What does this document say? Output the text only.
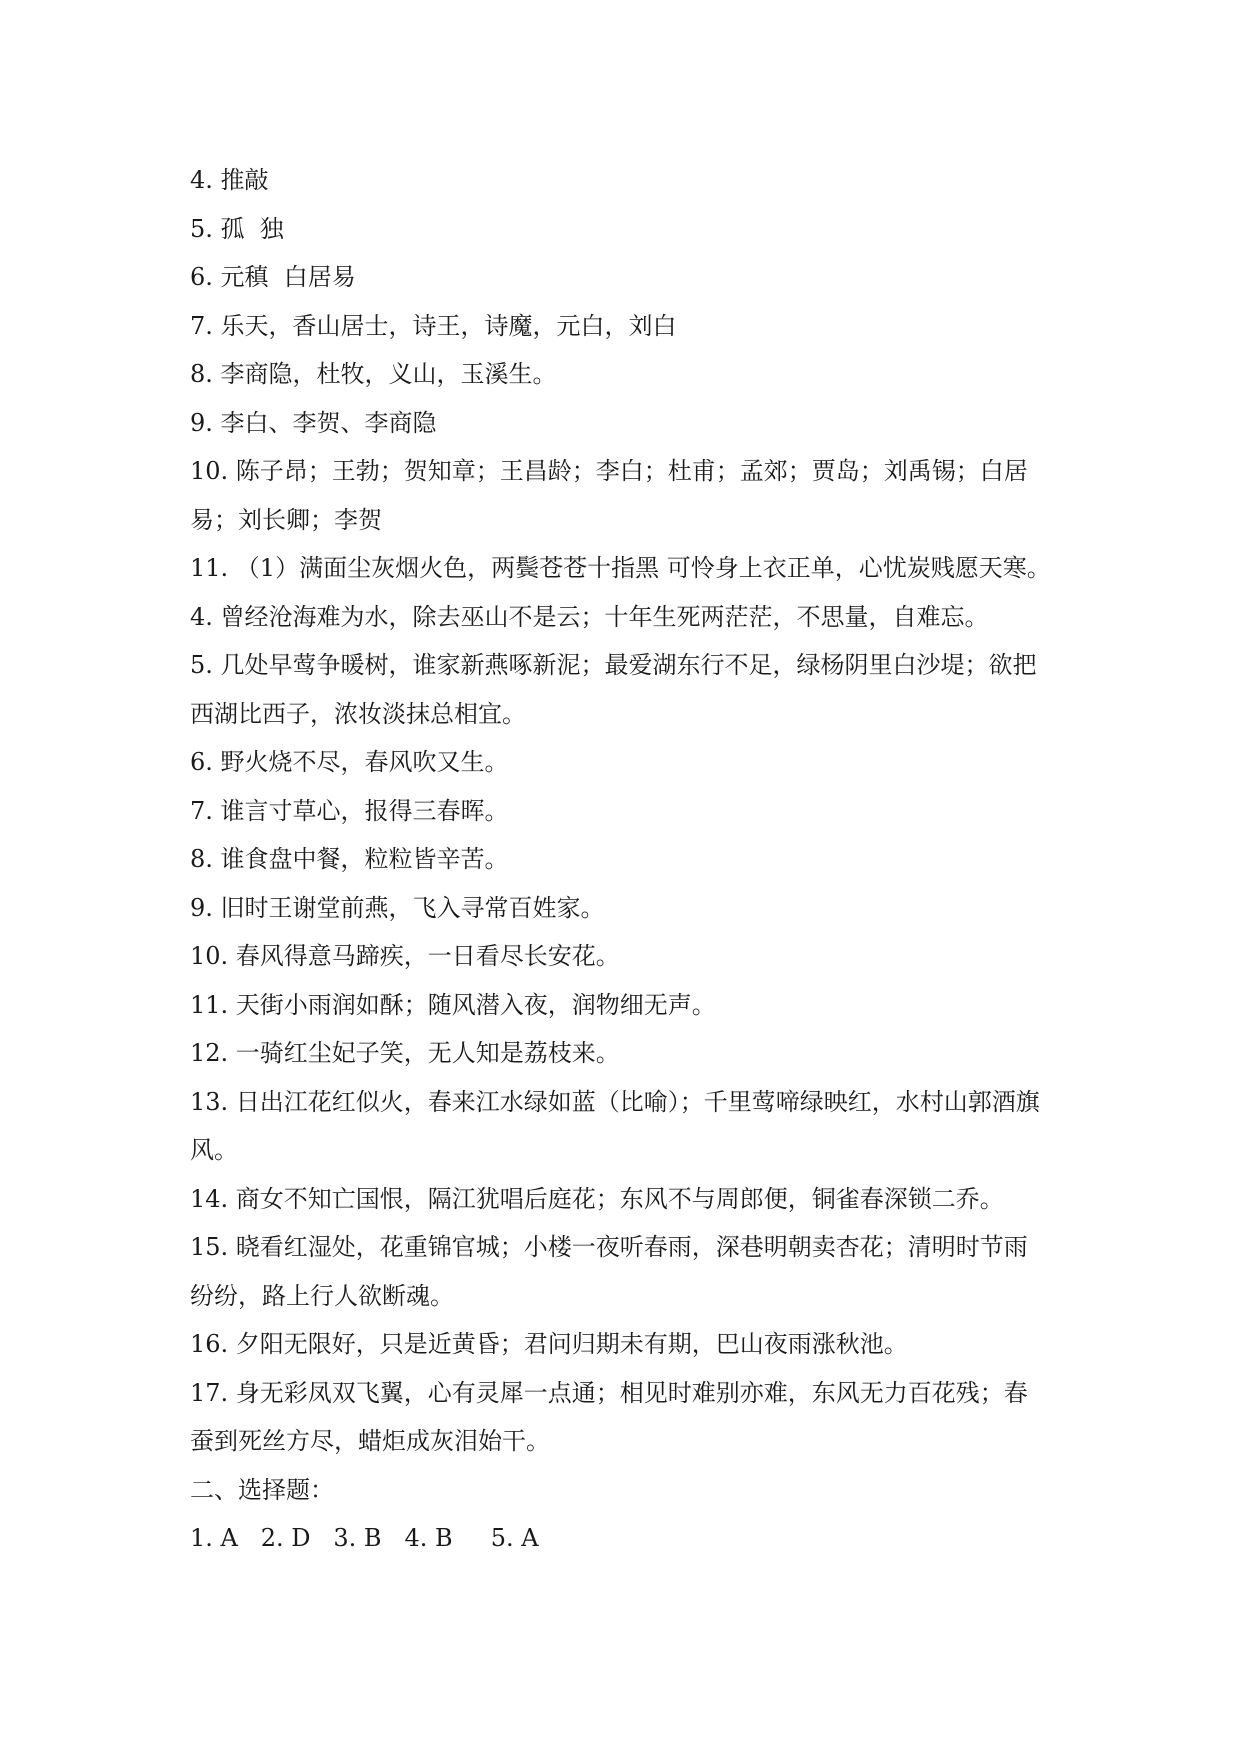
4. 推敲
5. 孤  独
6. 元稹  白居易
7. 乐天，香山居士，诗王，诗魔，元白，刘白
8. 李商隐，杜牧，义山，玉溪生。
9. 李白、李贺、李商隐
10. 陈子昂；王勃；贺知章；王昌龄；李白；杜甫；孟郊；贾岛；刘禹锡；白居
易；刘长卿；李贺
11. （1）满面尘灰烟火色，两鬓苍苍十指黑 可怜身上衣正单，心忧炭贱愿天寒。
4. 曾经沧海难为水，除去巫山不是云；十年生死两茫茫，不思量，自难忘。
5. 几处早莺争暖树，谁家新燕啄新泥；最爱湖东行不足，绿杨阴里白沙堤；欲把
西湖比西子，浓妆淡抹总相宜。
6. 野火烧不尽，春风吹又生。
7. 谁言寸草心，报得三春晖。
8. 谁食盘中餐，粒粒皆辛苦。
9. 旧时王谢堂前燕，飞入寻常百姓家。
10. 春风得意马蹄疾，一日看尽长安花。
11. 天街小雨润如酥；随风潜入夜，润物细无声。
12. 一骑红尘妃子笑，无人知是荔枝来。
13. 日出江花红似火，春来江水绿如蓝（比喻）；千里莺啼绿映红，水村山郭酒旗
风。
14. 商女不知亡国恨，隔江犹唱后庭花；东风不与周郎便，铜雀春深锁二乔。
15. 晓看红湿处，花重锦官城；小楼一夜听春雨，深巷明朝卖杏花；清明时节雨
纷纷，路上行人欲断魂。
16. 夕阳无限好，只是近黄昏；君问归期未有期，巴山夜雨涨秋池。
17. 身无彩凤双飞翼，心有灵犀一点通；相见时难别亦难，东风无力百花残；春
蚕到死丝方尽，蜡炬成灰泪始干。
二、选择题：
1. A   2. D   3. B   4. B     5. A
